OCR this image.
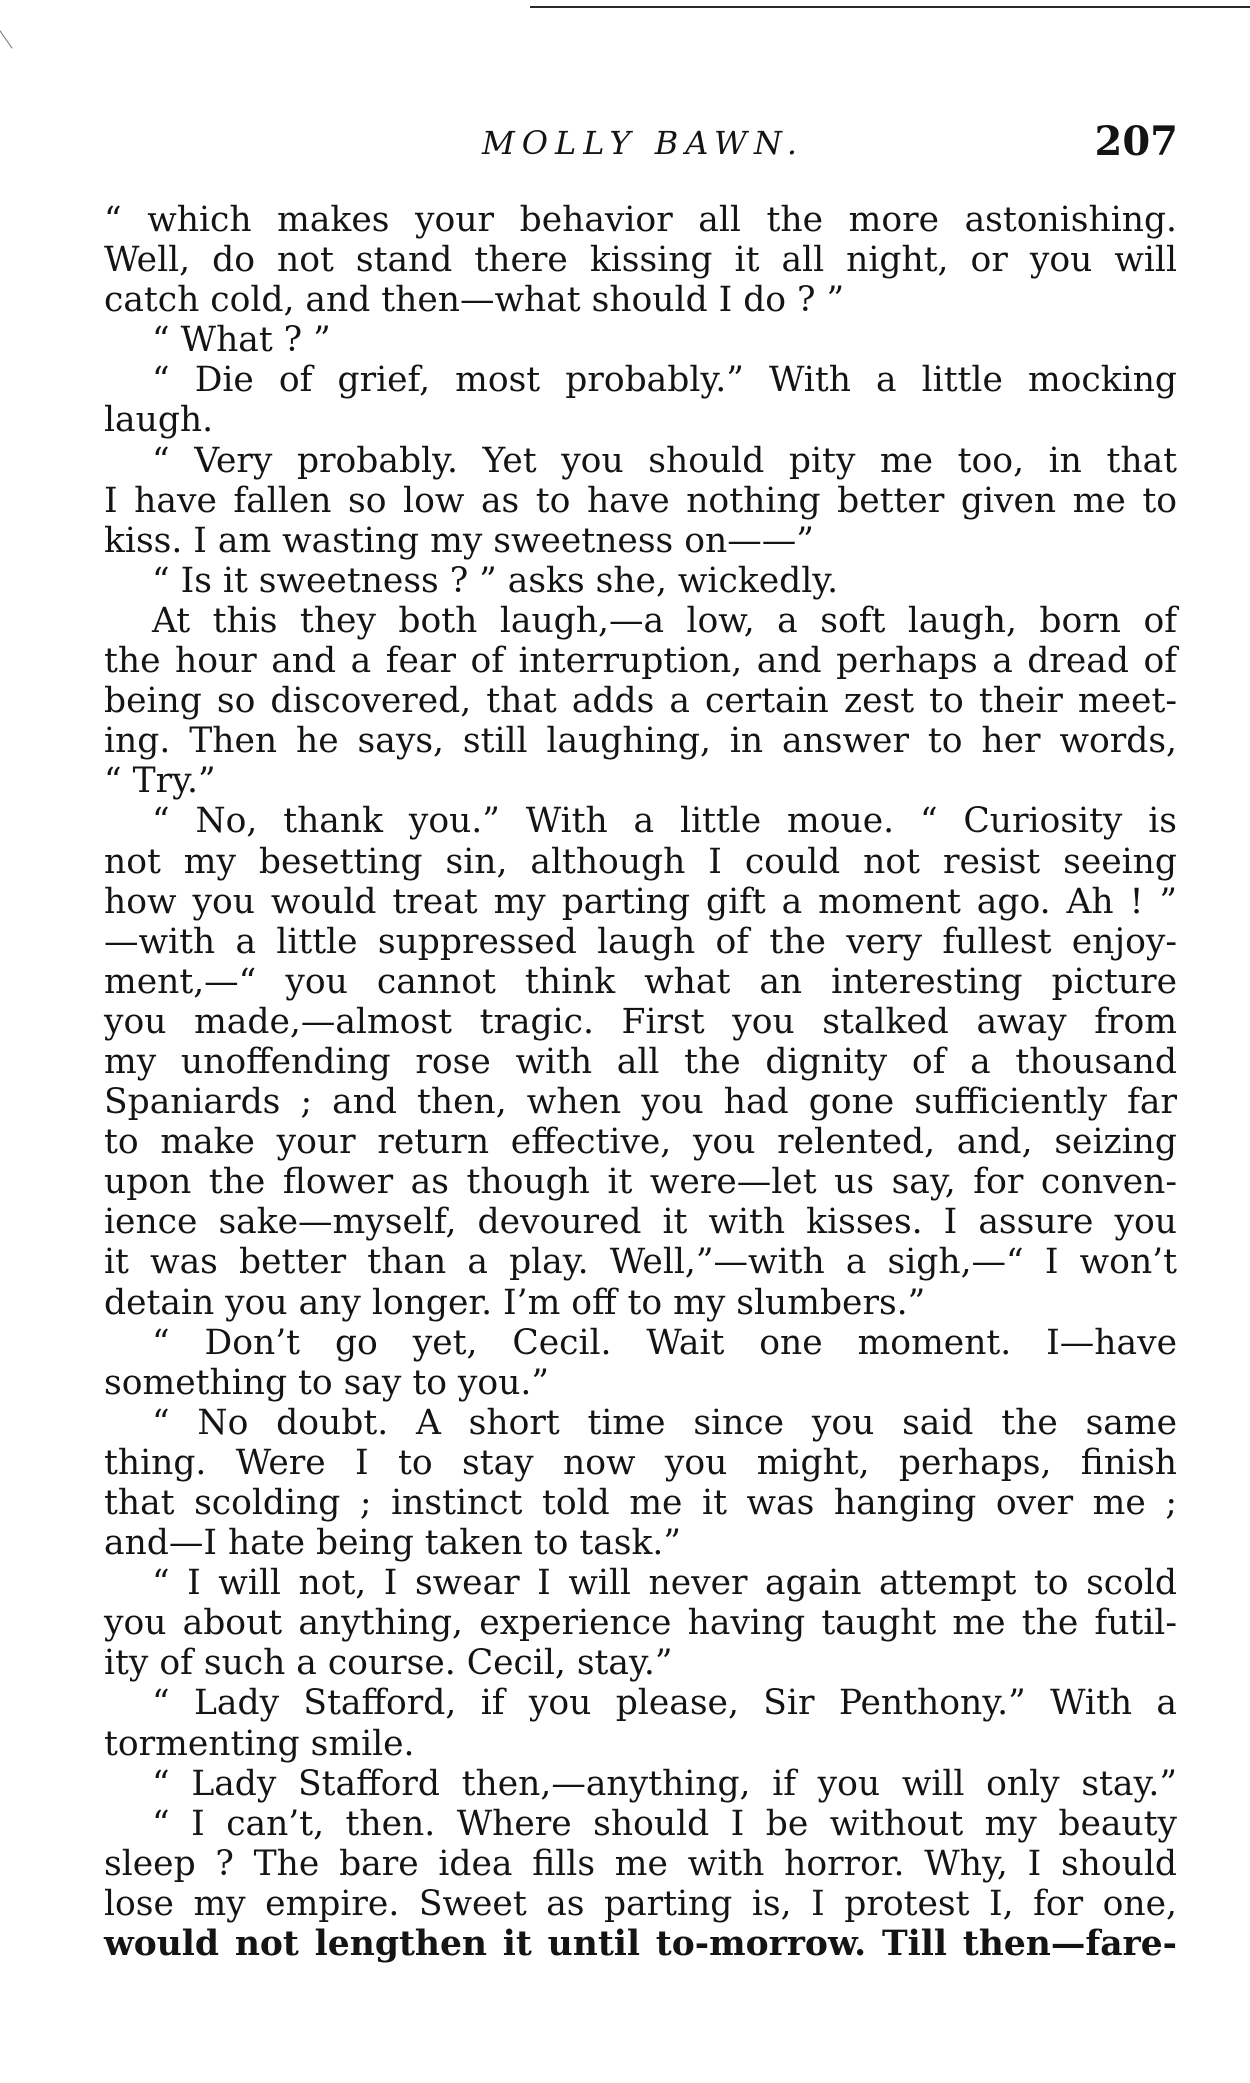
MOLLY BAWN.	207
“ which makes your behavior all the more astonishing.
Well, do not stand there kissing it all night, or you will
catch cold, and then—what should I do ? ”
“ What ? ”
“ Die of grief, most probably.” With a little mocking
laugh.
“ Very probably. Yet you should pity me too, in that
I have fallen so low as to have nothing better given me to
kiss. I am wasting my sweetness on——”
“ Is it sweetness ? ” asks she, wickedly.
At this they both laugh,—a low, a soft laugh, born of
the hour and a fear of interruption, and perhaps a dread of
being so discovered, that adds a certain zest to their meet-
ing. Then he says, still laughing, in answer to her words,
“ Try.”
“ No, thank you.” With a little moue. “ Curiosity is
not my besetting sin, although I could not resist seeing
how you would treat my parting gift a moment ago. Ah ! ”
—with a little suppressed laugh of the very fullest enjoy-
ment,—“ you cannot think what an interesting picture
you made,—almost tragic. First you stalked away from
my unoffending rose with all the dignity of a thousand
Spaniards ; and then, when you had gone sufficiently far
to make your return effective, you relented, and, seizing
upon the flower as though it were—let us say, for conven-
ience sake—myself, devoured it with kisses. I assure you
it was better than a play. Well,”—with a sigh,—“ I won’t
detain you any longer. I’m off to my slumbers.”
“ Don’t go yet, Cecil. Wait one moment. I—have
something to say to you.”
“ No doubt. A short time since you said the same
thing. Were I to stay now you might, perhaps, finish
that scolding ; instinct told me it was hanging over me ;
and—I hate being taken to task.”
“ I will not, I swear I will never again attempt to scold
you about anything, experience having taught me the futil-
ity of such a course. Cecil, stay.”
“ Lady Stafford, if you please, Sir Penthony.” With a
tormenting smile.
“ Lady Stafford then,—anything, if you will only stay.”
“ I can’t, then. Where should I be without my beauty
sleep ? The bare idea fills me with horror. Why, I should
lose my empire. Sweet as parting is, I protest I, for one,
would not lengthen it until to-morrow. Till then—fare-
